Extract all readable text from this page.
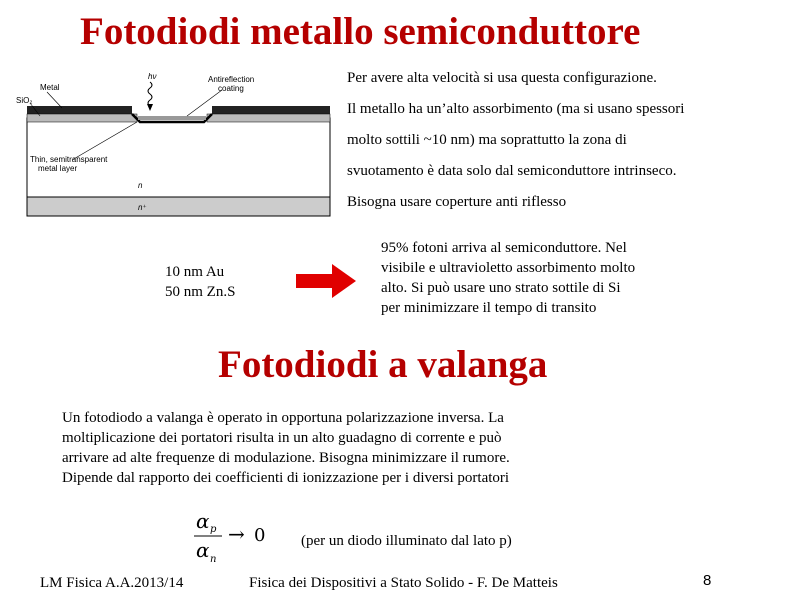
Fotodiodi metallo semiconduttore
Metal
hν	Antireflection
coating
SiO₂
Thin, semitransparent
metal layer
n
n⁺

Per avere alta velocità si usa questa configurazione.

Il metallo ha un’alto assorbimento (ma si usano spessori

molto sottili ~10 nm) ma soprattutto la zona di

svuotamento è data solo dal semiconduttore intrinseco.

Bisogna usare coperture anti riflesso

10 nm Au

50 nm Zn.S

95% fotoni arriva al semiconduttore. Nel

visibile e ultravioletto assorbimento molto

alto. Si può usare uno strato sottile di Si

per minimizzare il tempo di transito

Fotodiodi a valanga

Un fotodiodo a valanga è operato in opportuna polarizzazione inversa. La

moltiplicazione dei portatori risulta in un alto guadagno di corrente e può

arrivare ad alte frequenze di modulazione. Bisogna minimizzare il rumore.

Dipende dal rapporto dei coefficienti di ionizzazione per i diversi portatori

α p
α n
→ 0 (per un diodo illuminato dal lato p)
LM Fisica A.A.2013/14	Fisica dei Dispositivi a Stato Solido - F. De Matteis	8
